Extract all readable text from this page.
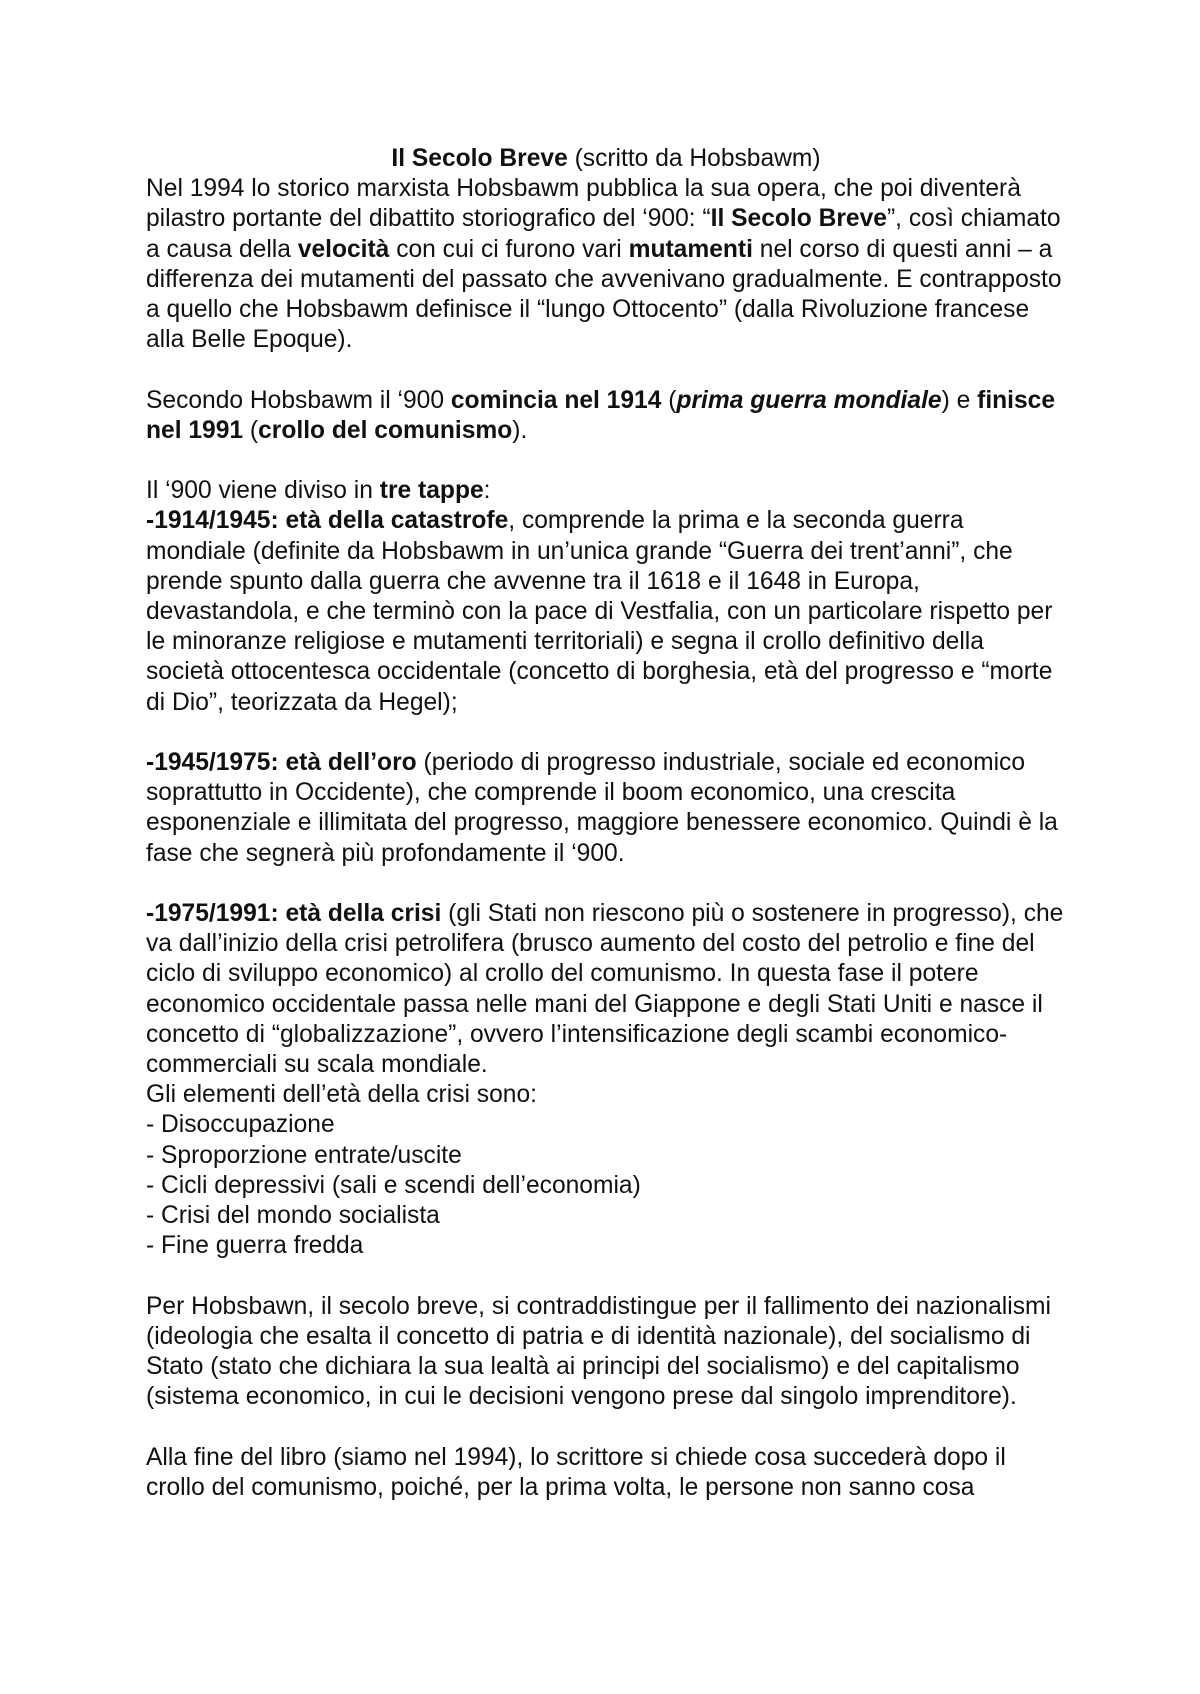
Il Secolo Breve (scritto da Hobsbawm)

Nel 1994 lo storico marxista Hobsbawm pubblica la sua opera, che poi diventerà pilastro portante del dibattito storiografico del ‘900: “Il Secolo Breve”, così chiamato a causa della velocità con cui ci furono vari mutamenti nel corso di questi anni – a differenza dei mutamenti del passato che avvenivano gradualmente. E contrapposto a quello che Hobsbawm definisce il “lungo Ottocento” (dalla Rivoluzione francese alla Belle Epoque).

Secondo Hobsbawm il ‘900 comincia nel 1914 (prima guerra mondiale) e finisce nel 1991 (crollo del comunismo).

Il ‘900 viene diviso in tre tappe:

-1914/1945: età della catastrofe, comprende la prima e la seconda guerra mondiale (definite da Hobsbawm in un’unica grande “Guerra dei trent’anni”, che prende spunto dalla guerra che avvenne tra il 1618 e il 1648 in Europa, devastandola, e che terminò con la pace di Vestfalia, con un particolare rispetto per le minoranze religiose e mutamenti territoriali) e segna il crollo definitivo della società ottocentesca occidentale (concetto di borghesia, età del progresso e “morte di Dio”, teorizzata da Hegel);

-1945/1975: età dell’oro (periodo di progresso industriale, sociale ed economico soprattutto in Occidente), che comprende il boom economico, una crescita esponenziale e illimitata del progresso, maggiore benessere economico. Quindi è la fase che segnerà più profondamente il ‘900.

-1975/1991: età della crisi (gli Stati non riescono più o sostenere in progresso), che va dall’inizio della crisi petrolifera (brusco aumento del costo del petrolio e fine del ciclo di sviluppo economico) al crollo del comunismo. In questa fase il potere economico occidentale passa nelle mani del Giappone e degli Stati Uniti e nasce il concetto di “globalizzazione”, ovvero l’intensificazione degli scambi economico-commerciali su scala mondiale.

Gli elementi dell’età della crisi sono:

- Disoccupazione

- Sproporzione entrate/uscite

- Cicli depressivi (sali e scendi dell’economia)

- Crisi del mondo socialista

- Fine guerra fredda

Per Hobsbawn, il secolo breve, si contraddistingue per il fallimento dei nazionalismi (ideologia che esalta il concetto di patria e di identità nazionale), del socialismo di Stato (stato che dichiara la sua lealtà ai principi del socialismo) e del capitalismo (sistema economico, in cui le decisioni vengono prese dal singolo imprenditore).

Alla fine del libro (siamo nel 1994), lo scrittore si chiede cosa succederà dopo il crollo del comunismo, poiché, per la prima volta, le persone non sanno cosa
